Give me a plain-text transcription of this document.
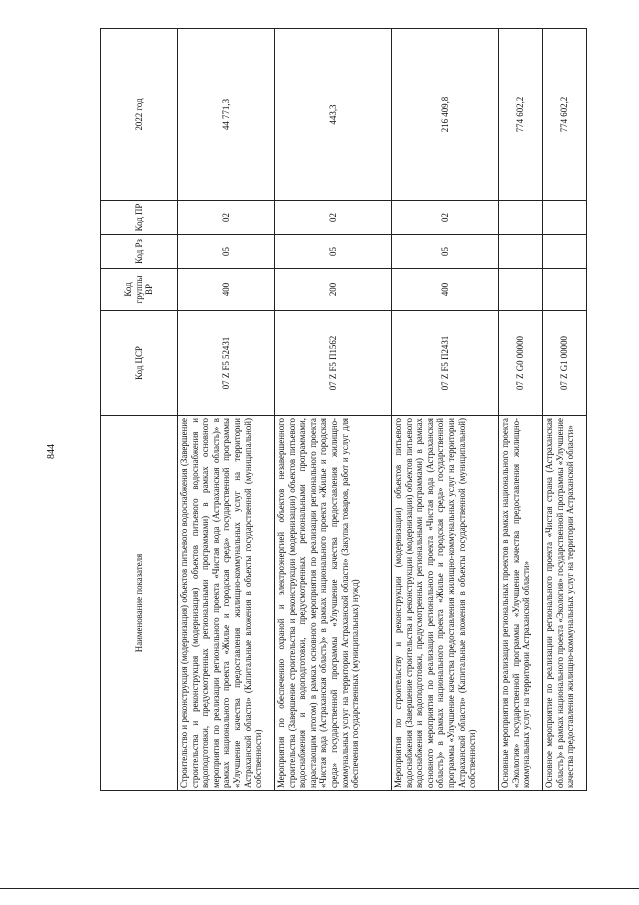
844
Наименование показателя	Код ЦСР	Код группы ВР	Код Рз	Код ПР	2022 год
Строительство и реконструкция (модернизация) объектов питьевого водоснабжения (Завершение строительства и реконструкция (модернизация) объектов питьевого водоснабжения и водоподготовки, предусмотренных региональными программами) в рамках основного мероприятия по реализации регионального проекта «Чистая вода (Астраханская область)» в рамках национального проекта «Жилье и городская среда» государственной программы «Улучшение качества предоставления жилищно-коммунальных услуг на территории Астраханской области» (Капитальные вложения в объекты государственной (муниципальной) собственности)	07 Z F5 52431	400	05	02	44 771,3
Мероприятия по обеспечению охраной и электроэнергией объектов незавершенного строительства (Завершение строительства и реконструкции (модернизации) объектов питьевого водоснабжения и водоподготовки, предусмотренных региональными программами, нарастающим итогом) в рамках основного мероприятия по реализации регионального проекта «Чистая вода (Астраханская область)» в рамках национального проекта «Жилье и городская среда» государственной программы «Улучшение качества предоставления жилищно-коммунальных услуг на территории Астраханской области» (Закупка товаров, работ и услуг для обеспечения государственных (муниципальных) нужд)	07 Z F5 П1562	200	05	02	443,3
Мероприятия по строительству и реконструкции (модернизации) объектов питьевого водоснабжения (Завершение строительства и реконструкции (модернизации) объектов питьевого водоснабжения и водоподготовки, предусмотренных региональными программами) в рамках основного мероприятия по реализации регионального проекта «Чистая вода (Астраханская область)» в рамках национального проекта «Жилье и городская среда» государственной программы «Улучшение качества предоставления жилищно-коммунальных услуг на территории Астраханской области» (Капитальные вложения в объекты государственной (муниципальной) собственности)	07 Z F5 П2431	400	05	02	216 409,8
Основные мероприятия по реализации региональных проектов в рамках национального проекта «Экология» государственной программы «Улучшение качества предоставления жилищно-коммунальных услуг на территории Астраханской области»	07 Z G0 00000				774 602,2
Основное мероприятие по реализации регионального проекта «Чистая страна (Астраханская область)» в рамках национального проекта «Экология» государственной программы «Улучшение качества предоставления жилищно-коммунальных услуг на территории Астраханской области»	07 Z G1 00000				774 602,2
